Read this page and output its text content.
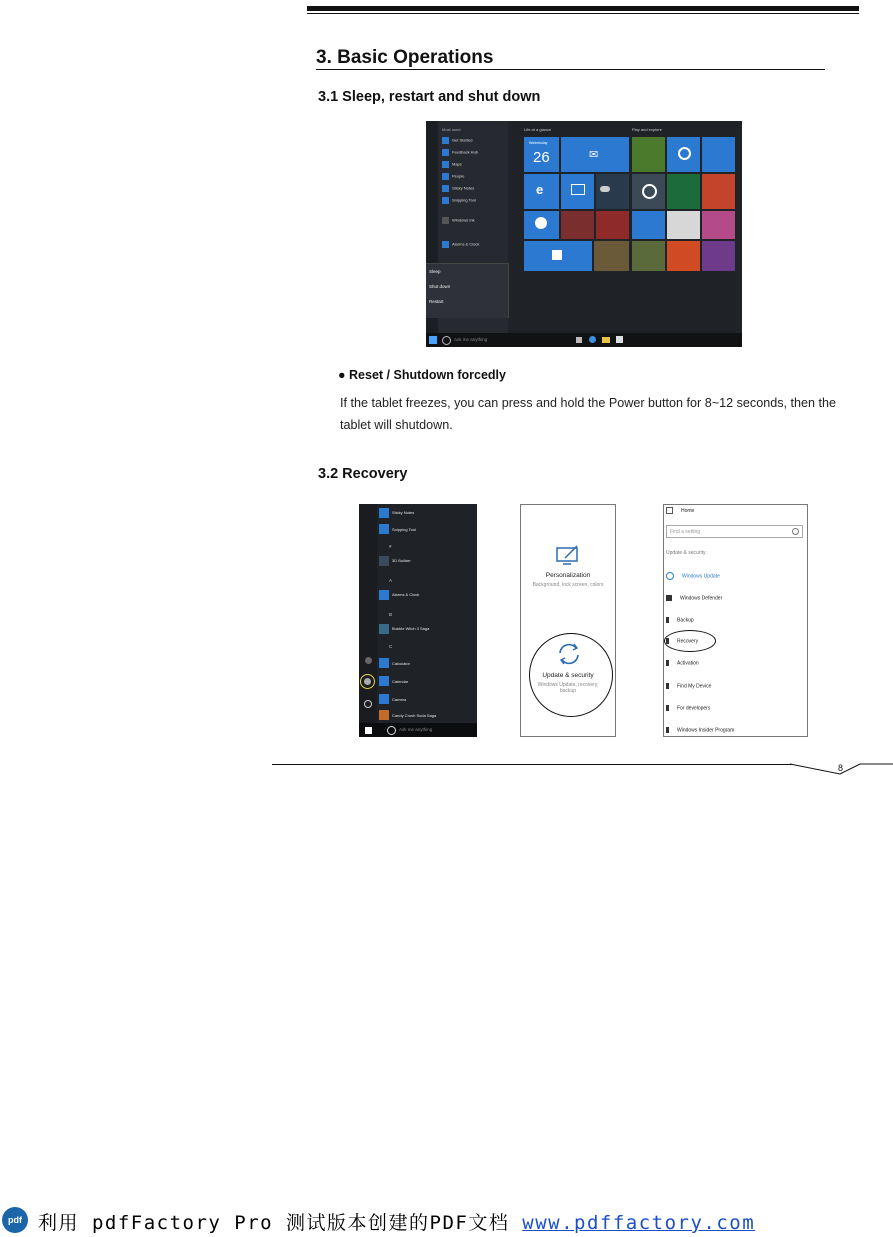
3. Basic Operations
3.1 Sleep, restart and shut down
Most used
Get Started
Feedback Hub
Maps
People
Sticky Notes
Snipping Tool
Windows Ink
Alarms & Clock
Sleep
Shut down
Restart
Life at a glance	Play and explore
Wednesday
26	✉
e
Ask me anything
● Reset / Shutdown forcedly
If the tablet freezes, you can press and hold the Power button for 8~12 seconds, then the tablet will shutdown.
3.2 Recovery
Sticky Notes
Snipping Tool
#
3D Builder
A
Alarms & Clock
B
Bubble Witch 3 Saga
C
Calculator
Calendar
Camera
Candy Crush Soda Saga
Ask me anything
Personalization
Background, lock screen, colors
Update & security
Windows Update, recovery, backup
Home
Find a setting
Update & security
Windows Update
Windows Defender
Backup
Recovery
Activation
Find My Device
For developers
Windows Insider Program
8
pdf 利用 pdfFactory Pro 测试版本创建的PDF文档 www.pdffactory.com
